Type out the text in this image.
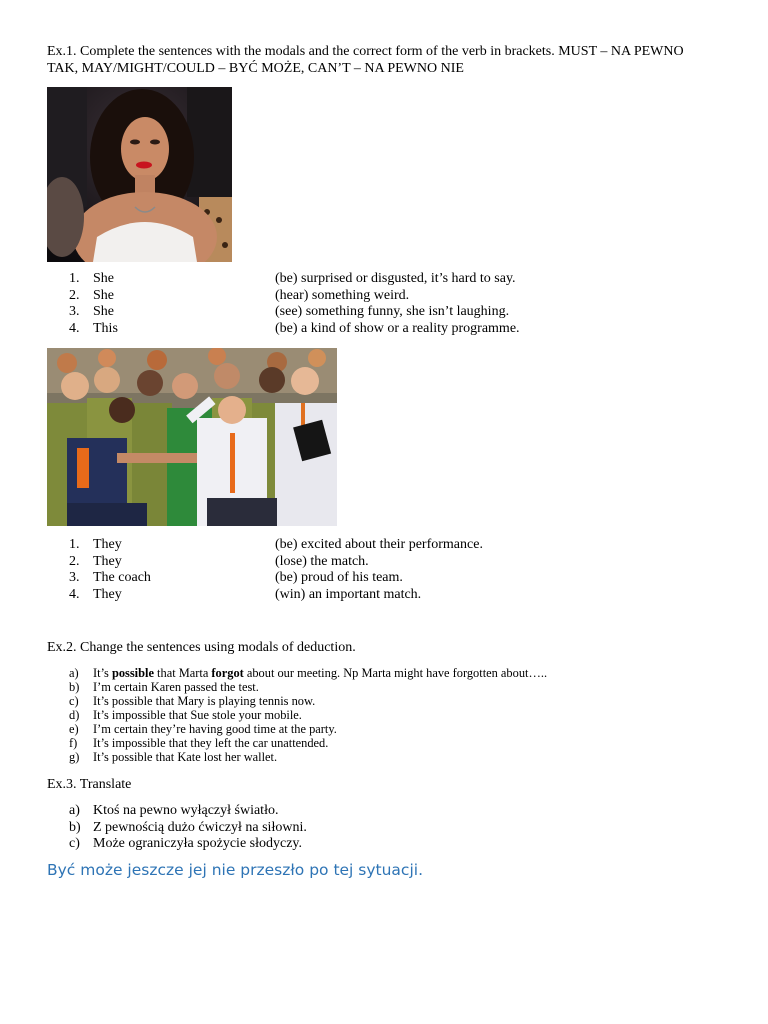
Ex.1. Complete the sentences with the modals and the correct form of the verb in brackets. MUST – NA PEWNO TAK, MAY/MIGHT/COULD – BYĆ MOŻE, CAN’T – NA PEWNO NIE

1. She	(be) surprised or disgusted, it’s hard to say.
2. She	(hear) something weird.
3. She	(see) something funny, she isn’t laughing.
4. This	(be) a kind of show or a reality programme.
1. They	(be) excited about their performance.
2. They	(lose) the match.
3. The coach	(be) proud of his team.
4. They	(win) an important match.

Ex.2. Change the sentences using modals of deduction.

a) It’s possible that Marta forgot about our meeting. Np Marta might have forgotten about…..
b) I’m certain Karen passed the test.
c) It’s possible that Mary is playing tennis now.
d) It’s impossible that Sue stole your mobile.
e) I’m certain they’re having good time at the party.
f) It’s impossible that they left the car unattended.
g) It’s possible that Kate lost her wallet.

Ex.3. Translate

a) Ktoś na pewno wyłączył światło.
b) Z pewnością dużo ćwiczył na siłowni.
c) Może ograniczyła spożycie słodyczy.

Być może jeszcze jej nie przeszło po tej sytuacji.
